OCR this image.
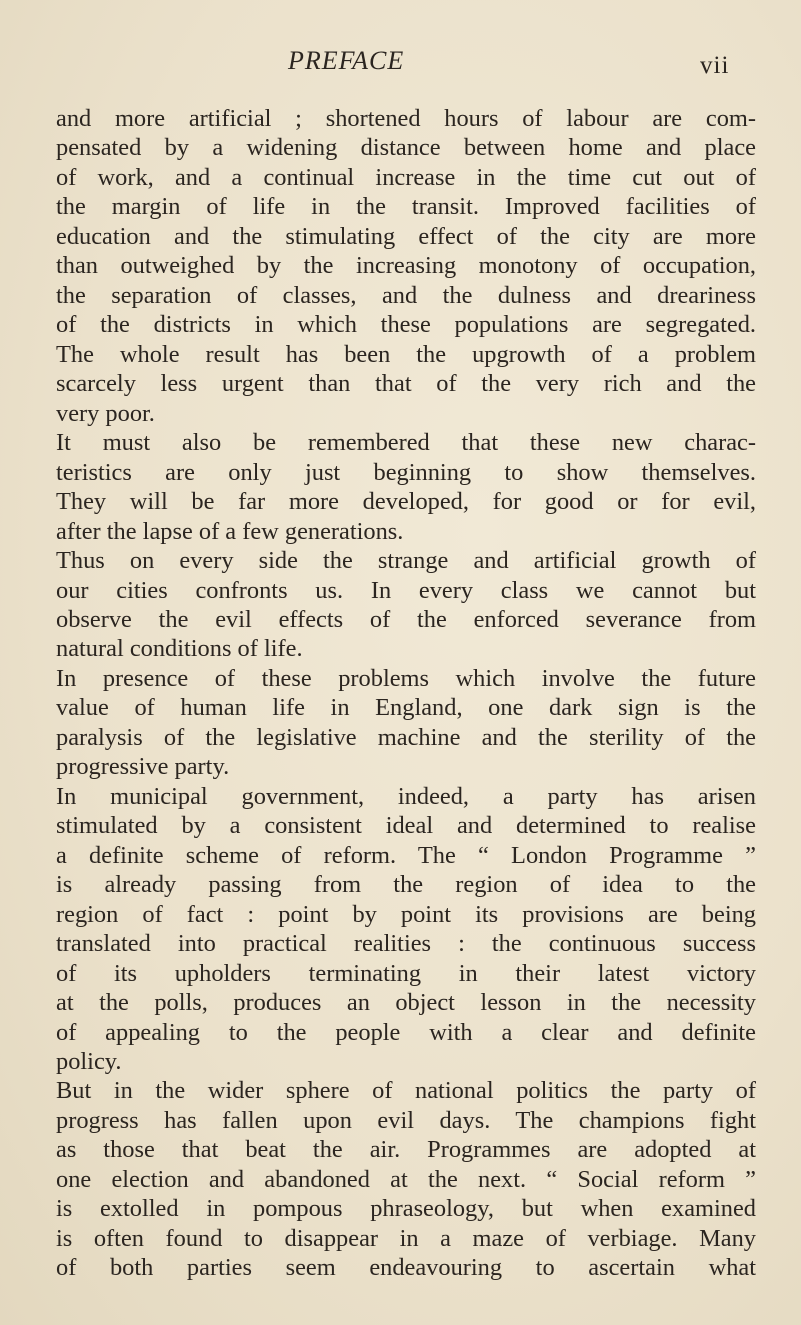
PREFACE	vii
and more artificial ; shortened hours of labour are com-
pensated by a widening distance between home and place
of work, and a continual increase in the time cut out of
the margin of life in the transit. Improved facilities of
education and the stimulating effect of the city are more
than outweighed by the increasing monotony of occupation,
the separation of classes, and the dulness and dreariness
of the districts in which these populations are segregated.
The whole result has been the upgrowth of a problem
scarcely less urgent than that of the very rich and the
very poor.
It must also be remembered that these new charac-
teristics are only just beginning to show themselves.
They will be far more developed, for good or for evil,
after the lapse of a few generations.
Thus on every side the strange and artificial growth of
our cities confronts us. In every class we cannot but
observe the evil effects of the enforced severance from
natural conditions of life.
In presence of these problems which involve the future
value of human life in England, one dark sign is the
paralysis of the legislative machine and the sterility of the
progressive party.
In municipal government, indeed, a party has arisen
stimulated by a consistent ideal and determined to realise
a definite scheme of reform. The “ London Programme ”
is already passing from the region of idea to the
region of fact : point by point its provisions are being
translated into practical realities : the continuous success
of its upholders terminating in their latest victory
at the polls, produces an object lesson in the necessity
of appealing to the people with a clear and definite
policy.
But in the wider sphere of national politics the party of
progress has fallen upon evil days. The champions fight
as those that beat the air. Programmes are adopted at
one election and abandoned at the next. “ Social reform ”
is extolled in pompous phraseology, but when examined
is often found to disappear in a maze of verbiage. Many
of both parties seem endeavouring to ascertain what
